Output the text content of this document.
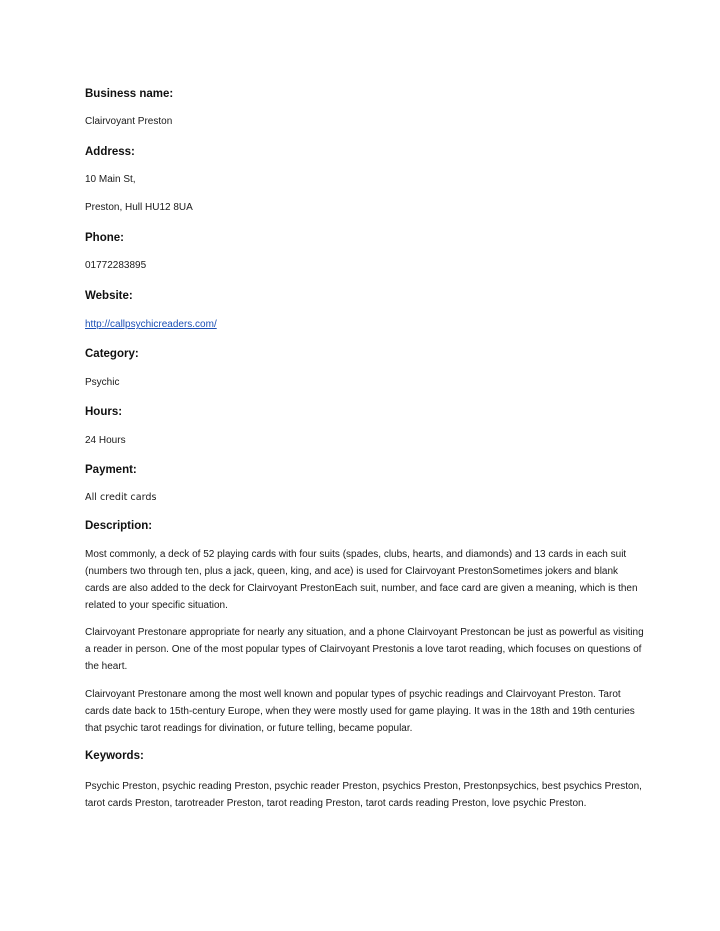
Business name:

Clairvoyant Preston

Address:

10 Main St,

Preston, Hull HU12 8UA

Phone:

01772283895

Website:

http://callpsychicreaders.com/

Category:

Psychic

Hours:

24 Hours

Payment:

All credit cards

Description:

Most commonly, a deck of 52 playing cards with four suits (spades, clubs, hearts, and diamonds) and 13 cards in each suit (numbers two through ten, plus a jack, queen, king, and ace) is used for Clairvoyant PrestonSometimes jokers and blank cards are also added to the deck for Clairvoyant PrestonEach suit, number, and face card are given a meaning, which is then related to your specific situation.

Clairvoyant Prestonare appropriate for nearly any situation, and a phone Clairvoyant Prestoncan be just as powerful as visiting a reader in person. One of the most popular types of Clairvoyant Prestonis a love tarot reading, which focuses on questions of the heart.

Clairvoyant Prestonare among the most well known and popular types of psychic readings and Clairvoyant Preston. Tarot cards date back to 15th-century Europe, when they were mostly used for game playing. It was in the 18th and 19th centuries that psychic tarot readings for divination, or future telling, became popular.

Keywords:

Psychic Preston, psychic reading Preston, psychic reader Preston, psychics Preston, Prestonpsychics, best psychics Preston, tarot cards Preston, tarotreader Preston, tarot reading Preston, tarot cards reading Preston, love psychic Preston.
